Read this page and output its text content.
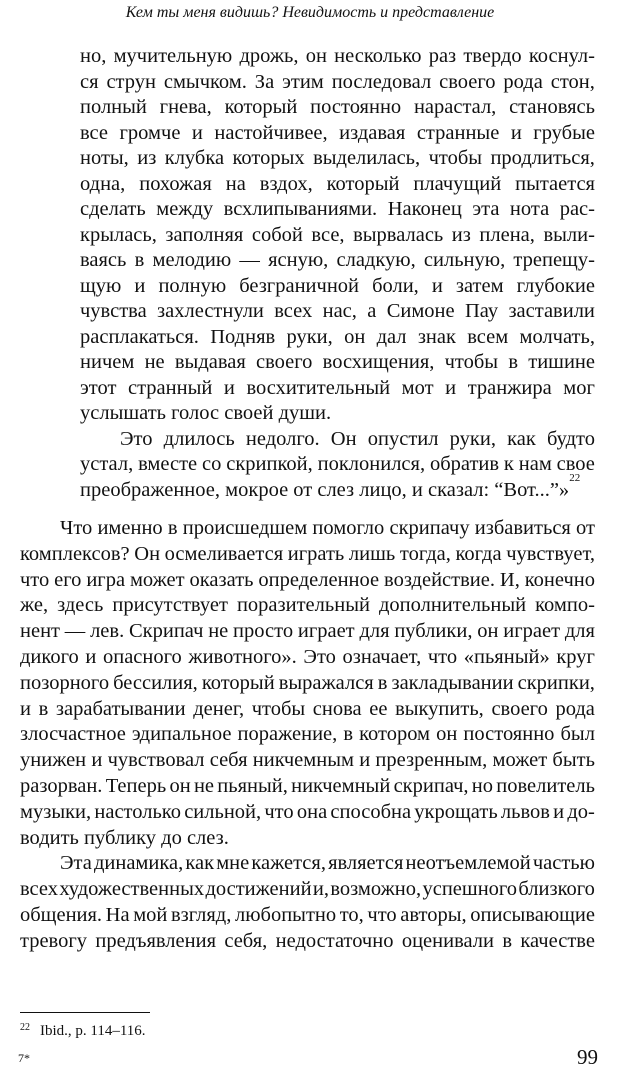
Кем ты меня видишь? Невидимость и представление
но, мучительную дрожь, он несколько раз твердо коснул-
ся струн смычком. За этим последовал своего рода стон,
полный гнева, который постоянно нарастал, становясь
все громче и настойчивее, издавая странные и грубые
ноты, из клубка которых выделилась, чтобы продлиться,
одна, похожая на вздох, который плачущий пытается
сделать между всхлипываниями. Наконец эта нота рас-
крылась, заполняя собой все, вырвалась из плена, выли-
ваясь в мелодию — ясную, сладкую, сильную, трепещу-
щую и полную безграничной боли, и затем глубокие
чувства захлестнули всех нас, а Симоне Пау заставили
расплакаться. Подняв руки, он дал знак всем молчать,
ничем не выдавая своего восхищения, чтобы в тишине
этот странный и восхитительный мот и транжира мог
услышать голос своей души.
Это длилось недолго. Он опустил руки, как будто
устал, вместе со скрипкой, поклонился, обратив к нам свое
преображенное, мокрое от слез лицо, и сказал: “Вот...”»
22
Что именно в происшедшем помогло скрипачу избавиться от
комплексов? Он осмеливается играть лишь тогда, когда чувствует,
что его игра может оказать определенное воздействие. И, конечно
же, здесь присутствует поразительный дополнительный компо-
нент — лев. Скрипач не просто играет для публики, он играет для
дикого и опасного животного». Это означает, что «пьяный» круг
позорного бессилия, который выражался в закладывании скрипки,
и в зарабатывании денег, чтобы снова ее выкупить, своего рода
злосчастное эдипальное поражение, в котором он постоянно был
унижен и чувствовал себя никчемным и презренным, может быть
разорван. Теперь он не пьяный, никчемный скрипач, но повелитель
музыки, настолько сильной, что она способна укрощать львов и до-
водить публику до слез.
Эта динамика, как мне кажется, является неотъемлемой частью
всех художественных достижений и, возможно, успешного близкого
общения. На мой взгляд, любопытно то, что авторы, описывающие
тревогу предъявления себя, недостаточно оценивали в качестве
$^{22}$ Ibid., p. 114–116.
7*	99
